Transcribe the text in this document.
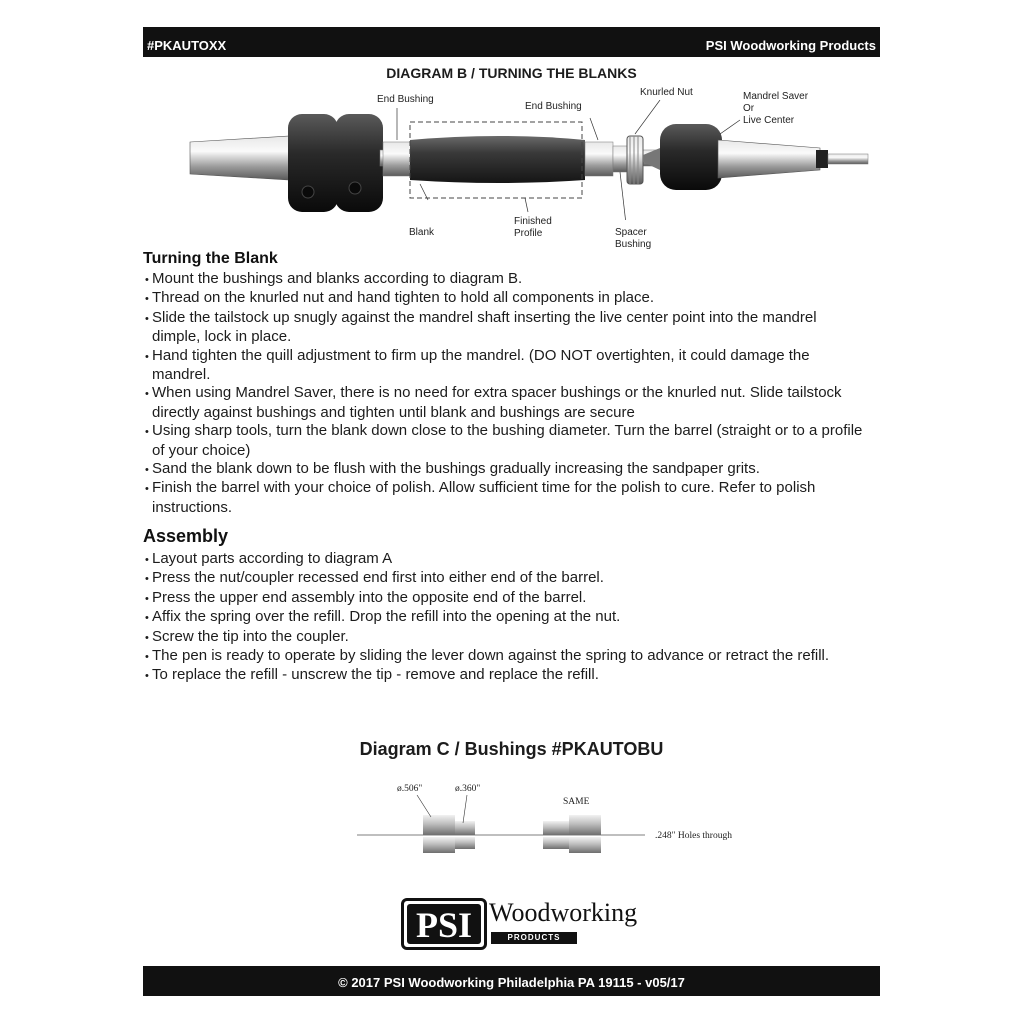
#PKAUTOXX	PSI Woodworking Products
DIAGRAM B / TURNING THE BLANKS
End Bushing
End Bushing
Knurled Nut	Mandrel Saver
Or
Live Center
Blank
Finished
Profile	Spacer
Bushing
Turning the Blank
• Mount the bushings and blanks according to diagram B.
• Thread on the knurled nut and hand tighten to hold all components in place.
• Slide the tailstock up snugly against the mandrel shaft inserting the live center point into the mandrel dimple, lock in place.
• Hand tighten the quill adjustment to firm up the mandrel. (DO NOT overtighten, it could damage the mandrel.
• When using Mandrel Saver, there is no need for extra spacer bushings or the knurled nut. Slide tailstock directly against bushings and tighten until blank and bushings are secure
• Using sharp tools, turn the blank down close to the bushing diameter. Turn the barrel (straight or to a profile of your choice)
• Sand the blank down to be flush with the bushings gradually increasing the sandpaper grits.
• Finish the barrel with your choice of polish. Allow sufficient time for the polish to cure. Refer to polish instructions.
Assembly
• Layout parts according to diagram A
• Press the nut/coupler recessed end first into either end of the barrel.
• Press the upper end assembly into the opposite end of the barrel.
• Affix the spring over the refill. Drop the refill into the opening at the nut.
• Screw the tip into the coupler.
• The pen is ready to operate by sliding the lever down against the spring to advance or retract the refill.
• To replace the refill - unscrew the tip - remove and replace the refill.
Diagram C / Bushings #PKAUTOBU
ø.506"	ø.360"
SAME
.248" Holes through
PSI Woodworking
PRODUCTS
© 2017 PSI Woodworking Philadelphia PA 19115 - v05/17
